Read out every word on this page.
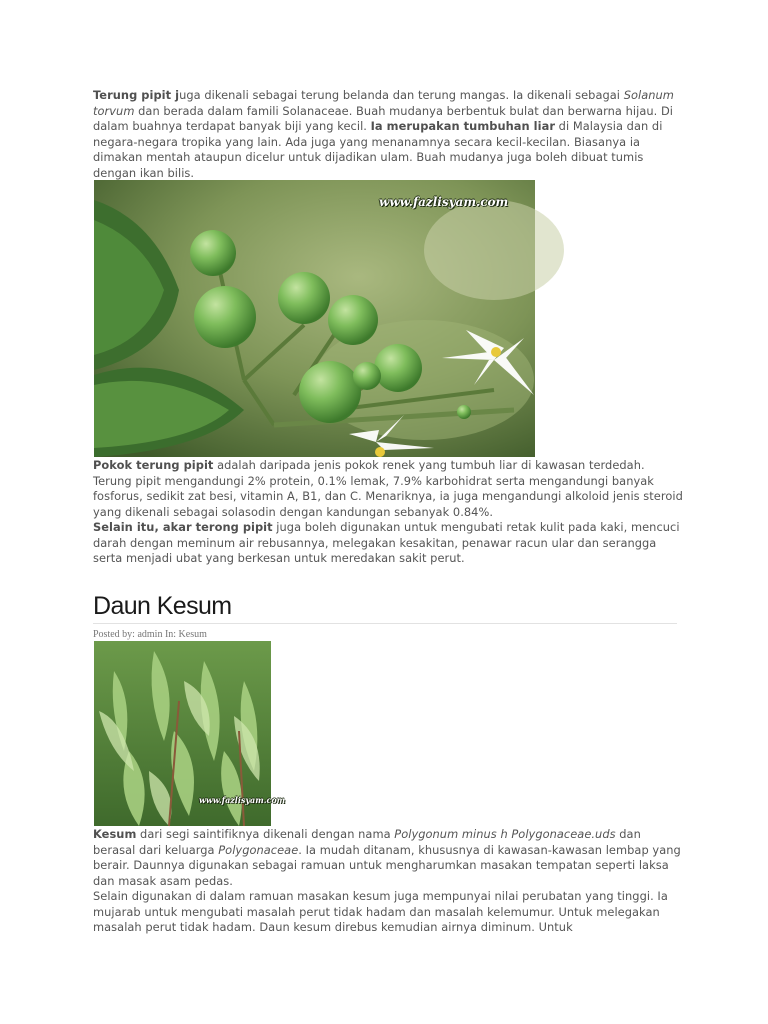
Terung pipit juga dikenali sebagai terung belanda dan terung mangas. Ia dikenali sebagai Solanum torvum dan berada dalam famili Solanaceae. Buah mudanya berbentuk bulat dan berwarna hijau. Di dalam buahnya terdapat banyak biji yang kecil. Ia merupakan tumbuhan liar di Malaysia dan di negara-negara tropika yang lain. Ada juga yang menanamnya secara kecil-kecilan. Biasanya ia dimakan mentah ataupun dicelur untuk dijadikan ulam. Buah mudanya juga boleh dibuat tumis dengan ikan bilis.
www.fazlisyam.com
Pokok terung pipit adalah daripada jenis pokok renek yang tumbuh liar di kawasan terdedah. Terung pipit mengandungi 2% protein, 0.1% lemak, 7.9% karbohidrat serta mengandungi banyak fosforus, sedikit zat besi, vitamin A, B1, dan C. Menariknya, ia juga mengandungi alkoloid jenis steroid yang dikenali sebagai solasodin dengan kandungan sebanyak 0.84%.
Selain itu, akar terong pipit juga boleh digunakan untuk mengubati retak kulit pada kaki, mencuci darah dengan meminum air rebusannya, melegakan kesakitan, penawar racun ular dan serangga serta menjadi ubat yang berkesan untuk meredakan sakit perut.
Daun Kesum
Posted by: admin In: Kesum
www.fazlisyam.com
Kesum dari segi saintifiknya dikenali dengan nama Polygonum minus h Polygonaceae.uds dan berasal dari keluarga Polygonaceae. Ia mudah ditanam, khususnya di kawasan-kawasan lembap yang berair. Daunnya digunakan sebagai ramuan untuk mengharumkan masakan tempatan seperti laksa dan masak asam pedas.
Selain digunakan di dalam ramuan masakan kesum juga mempunyai nilai perubatan yang tinggi. Ia mujarab untuk mengubati masalah perut tidak hadam dan masalah kelemumur. Untuk melegakan masalah perut tidak hadam. Daun kesum direbus kemudian airnya diminum. Untuk
